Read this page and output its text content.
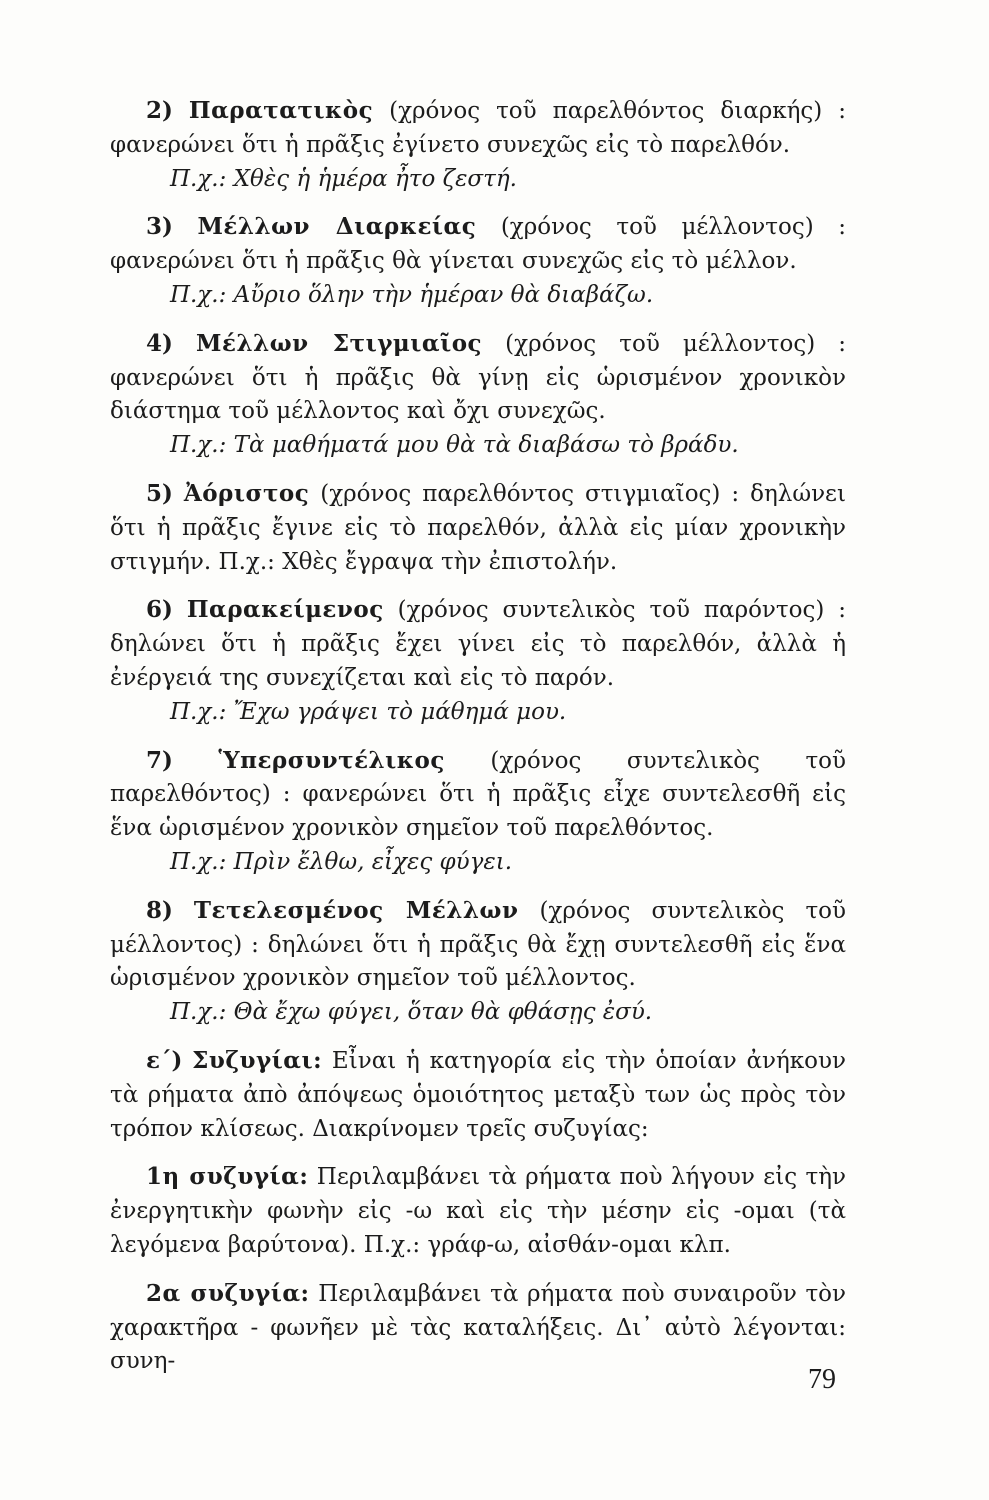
2) Παρατατικὸς (χρόνος τοῦ παρελθόντος διαρκής) : φανερώνει ὅτι ἡ πρᾶξις ἐγίνετο συνεχῶς εἰς τὸ παρελθόν.
Π.χ.: Χθὲς ἡ ἡμέρα ἦτο ζεστή.

3) Μέλλων Διαρκείας (χρόνος τοῦ μέλλοντος) : φανερώνει ὅτι ἡ πρᾶξις θὰ γίνεται συνεχῶς εἰς τὸ μέλλον.
Π.χ.: Αὔριο ὅλην τὴν ἡμέραν θὰ διαβάζω.

4) Μέλλων Στιγμιαῖος (χρόνος τοῦ μέλλοντος) : φανερώνει ὅτι ἡ πρᾶξις θὰ γίνῃ εἰς ὡρισμένον χρονικὸν διάστημα τοῦ μέλλοντος καὶ ὄχι συνεχῶς.
Π.χ.: Τὰ μαθήματά μου θὰ τὰ διαβάσω τὸ βράδυ.

5) Ἀόριστος (χρόνος παρελθόντος στιγμιαῖος) : δηλώνει ὅτι ἡ πρᾶξις ἔγινε εἰς τὸ παρελθόν, ἀλλὰ εἰς μίαν χρονικὴν στιγμήν. Π.χ.: Χθὲς ἔγραψα τὴν ἐπιστολήν.

6) Παρακείμενος (χρόνος συντελικὸς τοῦ παρόντος) : δηλώνει ὅτι ἡ πρᾶξις ἔχει γίνει εἰς τὸ παρελθόν, ἀλλὰ ἡ ἐνέργειά της συνεχίζεται καὶ εἰς τὸ παρόν.
Π.χ.: Ἔχω γράψει τὸ μάθημά μου.

7) Ὑπερσυντέλικος (χρόνος συντελικὸς τοῦ παρελθόντος) : φανερώνει ὅτι ἡ πρᾶξις εἶχε συντελεσθῆ εἰς ἕνα ὡρισμένον χρονικὸν σημεῖον τοῦ παρελθόντος.
Π.χ.: Πρὶν ἔλθω, εἶχες φύγει.

8) Τετελεσμένος Μέλλων (χρόνος συντελικὸς τοῦ μέλλοντος) : δηλώνει ὅτι ἡ πρᾶξις θὰ ἔχῃ συντελεσθῆ εἰς ἕνα ὡρισμένον χρονικὸν σημεῖον τοῦ μέλλοντος.
Π.χ.: Θὰ ἔχω φύγει, ὅταν θὰ φθάσῃς ἐσύ.

ε΄) Συζυγίαι: Εἶναι ἡ κατηγορία εἰς τὴν ὁποίαν ἀνήκουν τὰ ρήματα ἀπὸ ἀπόψεως ὁμοιότητος μεταξὺ των ὡς πρὸς τὸν τρόπον κλίσεως. Διακρίνομεν τρεῖς συζυγίας:

1η συζυγία: Περιλαμβάνει τὰ ρήματα ποὺ λήγουν εἰς τὴν ἐνεργητικὴν φωνὴν εἰς -ω καὶ εἰς τὴν μέσην εἰς -ομαι (τὰ λεγόμενα βαρύτονα). Π.χ.: γράφ-ω, αἰσθάν-ομαι κλπ.

2α συζυγία: Περιλαμβάνει τὰ ρήματα ποὺ συναιροῦν τὸν χαρακτῆρα - φωνῆεν μὲ τὰς καταλήξεις. Δι᾽ αὐτὸ λέγονται: συνη-

79
